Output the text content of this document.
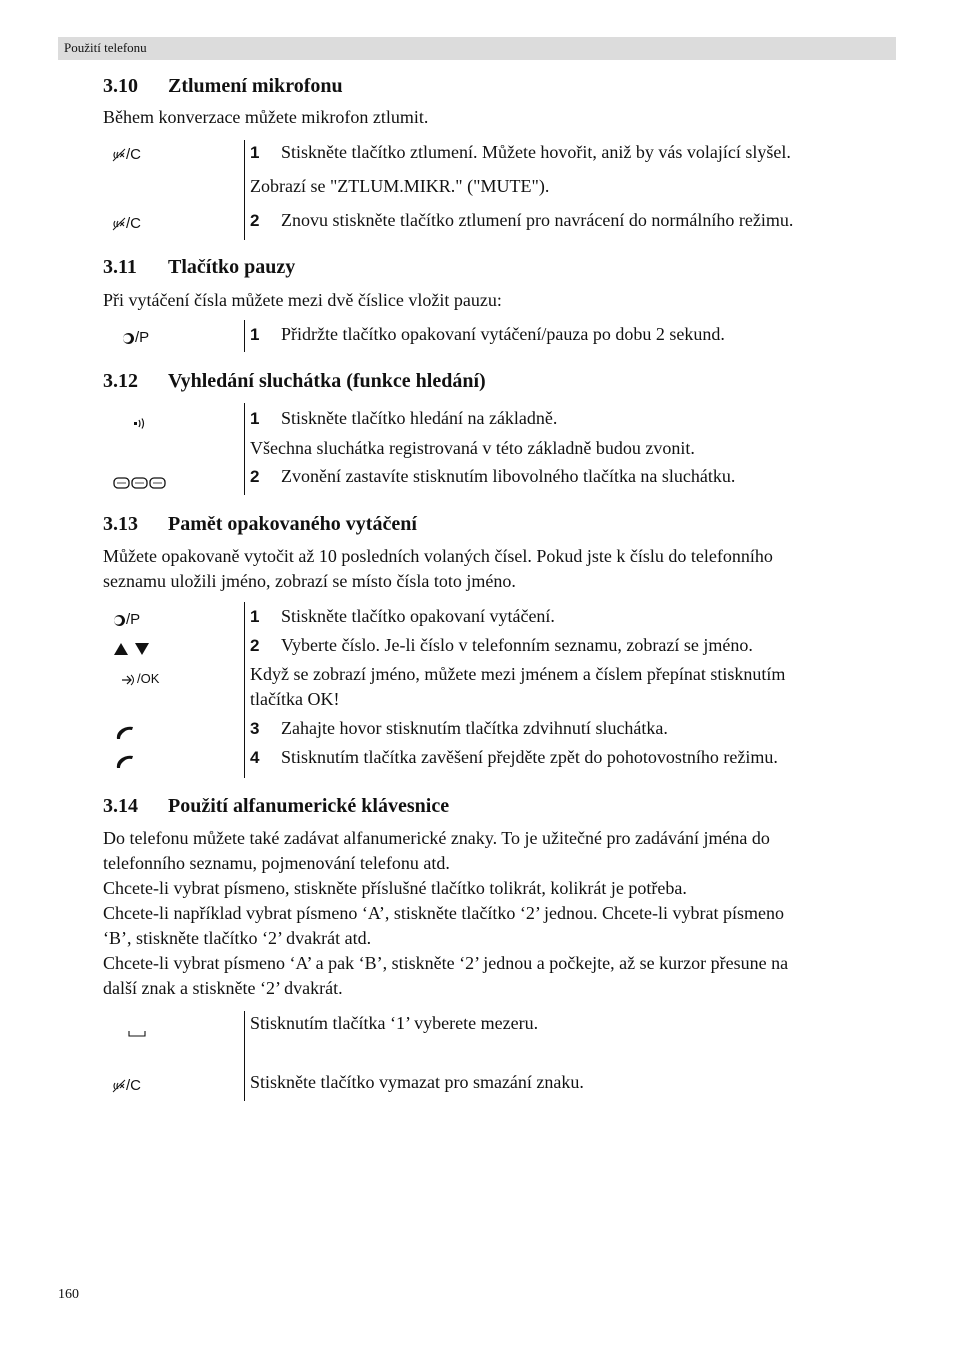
Použití telefonu
3.10 Ztlumení mikrofonu
Během konverzace můžete mikrofon ztlumit.
/C	1 Stiskněte tlačítko ztlumení. Můžete hovořit, aniž by vás volající slyšel.
Zobrazí se "ZTLUM.MIKR." ("MUTE").
/C	2 Znovu stiskněte tlačítko ztlumení pro navrácení do normálního režimu.
3.11 Tlačítko pauzy
Při vytáčení čísla můžete mezi dvě číslice vložit pauzu:
/P	1 Přidržte tlačítko opakovaní vytáčení/pauza po dobu 2 sekund.
3.12 Vyhledání sluchátka (funkce hledání)
1 Stiskněte tlačítko hledání na základně.
Všechna sluchátka registrovaná v této základně budou zvonit.
2 Zvonění zastavíte stisknutím libovolného tlačítka na sluchátku.
3.13 Pamět opakovaného vytáčení
Můžete opakovaně vytočit až 10 posledních volaných čísel. Pokud jste k číslu do telefonního
seznamu uložili jméno, zobrazí se místo čísla toto jméno.
/P	1 Stiskněte tlačítko opakovaní vytáčení.
2 Vyberte číslo. Je-li číslo v telefonním seznamu, zobrazí se jméno.
/OK	Když se zobrazí jméno, můžete mezi jménem a číslem přepínat stisknutím
tlačítka OK!
3 Zahajte hovor stisknutím tlačítka zdvihnutí sluchátka.
4 Stisknutím tlačítka zavěšení přejděte zpět do pohotovostního režimu.
3.14 Použití alfanumerické klávesnice
Do telefonu můžete také zadávat alfanumerické znaky. To je užitečné pro zadávání jména do
telefonního seznamu, pojmenování telefonu atd.
Chcete-li vybrat písmeno, stiskněte příslušné tlačítko tolikrát, kolikrát je potřeba.
Chcete-li například vybrat písmeno ‘A’, stiskněte tlačítko ‘2’ jednou. Chcete-li vybrat písmeno
‘B’, stiskněte tlačítko ‘2’ dvakrát atd.
Chcete-li vybrat písmeno ‘A’ a pak ‘B’, stiskněte ‘2’ jednou a počkejte, až se kurzor přesune na
další znak a stiskněte ‘2’ dvakrát.
Stisknutím tlačítka ‘1’ vyberete mezeru.
/C	Stiskněte tlačítko vymazat pro smazání znaku.
160
